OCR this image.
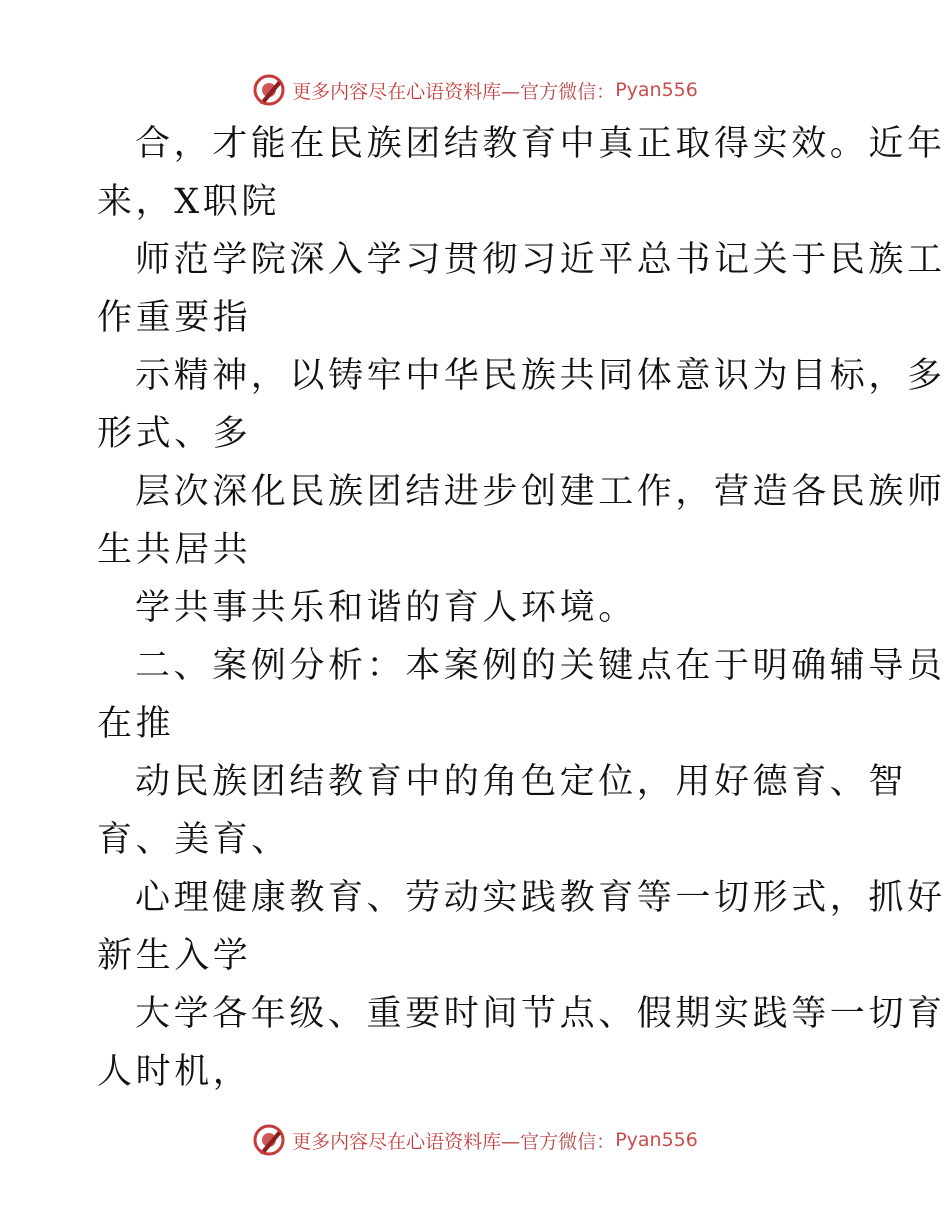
更多内容尽在心语资料库 —官方微信： Pyan556
合，才能在民族团结教育中真正取得实效。近年
来，X职院
师范学院深入学习贯彻习近平总书记关于民族工
作重要指
示精神，以铸牢中华民族共同体意识为目标，多
形式、多
层次深化民族团结进步创建工作，营造各民族师
生共居共
学共事共乐和谐的育人环境。
二、案例分析：本案例的关键点在于明确辅导员
在推
动民族团结教育中的角色定位，用好德育、智
育、美育、
心理健康教育、劳动实践教育等一切形式，抓好
新生入学
大学各年级、重要时间节点、假期实践等一切育
人时机，
更多内容尽在心语资料库 —官方微信： Pyan556
